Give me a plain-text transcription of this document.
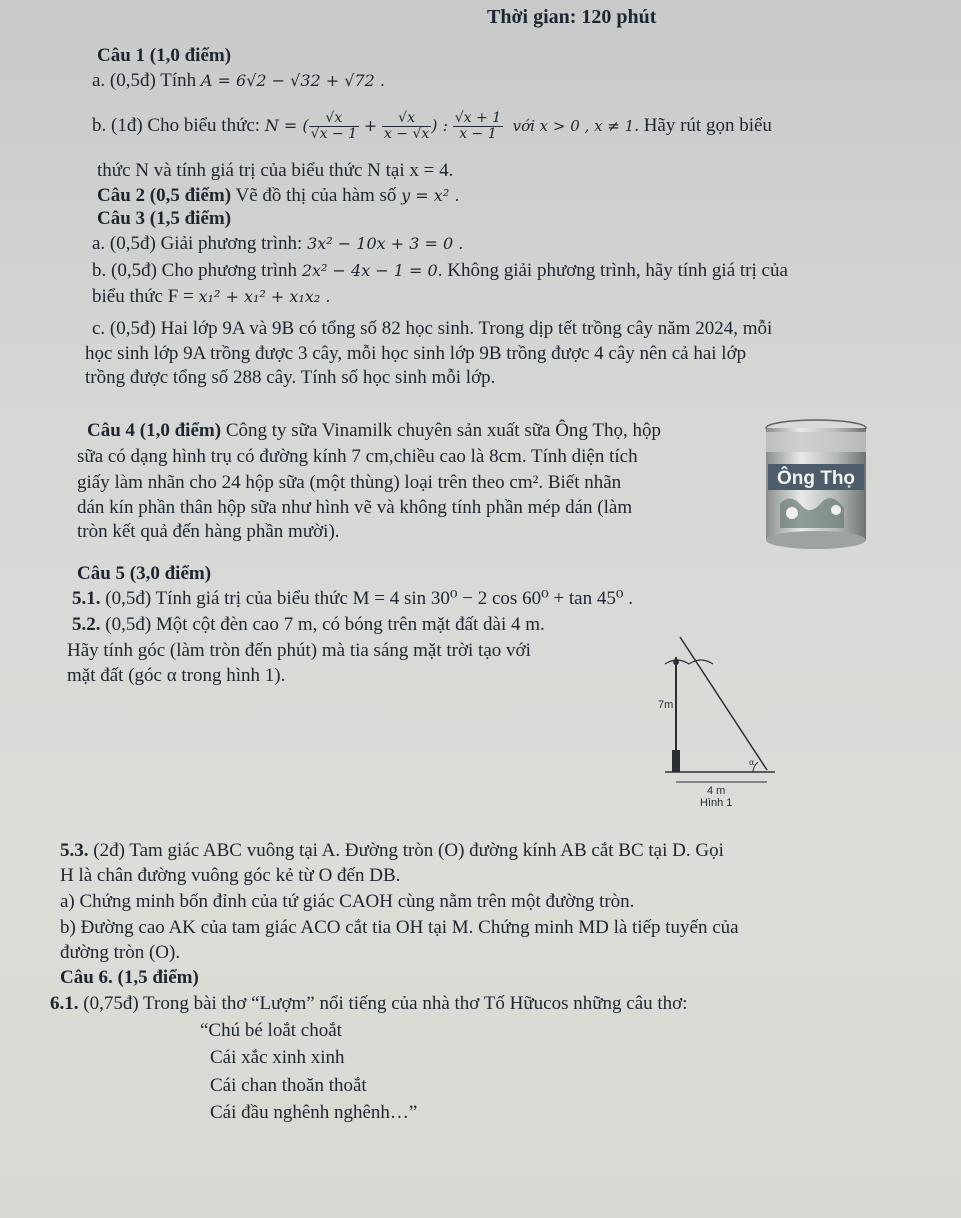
Thời gian: 120 phút
Câu 1 (1,0 điểm)
a. (0,5đ) Tính A = 6√2 − √32 + √72 .
b. (1đ) Cho biểu thức: N = ( $\frac{√x}{√x - 1} + \frac{√x}{x - √x}$ ) : $\frac{√x + 1}{x - 1}$ với x > 0 , x ≠ 1. Hãy rút gọn biểu
thức N và tính giá trị của biểu thức N tại x = 4.
Câu 2 (0,5 điểm) Vẽ đồ thị của hàm số y = x² .
Câu 3 (1,5 điểm)
a. (0,5đ) Giải phương trình: 3x² − 10x + 3 = 0 .
b. (0,5đ) Cho phương trình 2x² − 4x − 1 = 0. Không giải phương trình, hãy tính giá trị của
biểu thức F = x₁² + x₁² + x₁x₂ .
c. (0,5đ) Hai lớp 9A và 9B có tổng số 82 học sinh. Trong dịp tết trồng cây năm 2024, mỗi
học sinh lớp 9A trồng được 3 cây, mỗi học sinh lớp 9B trồng được 4 cây nên cả hai lớp
trồng được tổng số 288 cây. Tính số học sinh mỗi lớp.
Câu 4 (1,0 điểm) Công ty sữa Vinamilk chuyên sản xuất sữa Ông Thọ, hộp
sữa có dạng hình trụ có đường kính 7 cm,chiều cao là 8cm. Tính diện tích
giấy làm nhãn cho 24 hộp sữa (một thùng) loại trên theo cm². Biết nhãn
dán kín phần thân hộp sữa như hình vẽ và không tính phần mép dán (làm
tròn kết quả đến hàng phần mười).
Ông Thọ
Câu 5 (3,0 điểm)
5.1. (0,5đ) Tính giá trị của biểu thức M = 4 sin 30⁰ − 2 cos 60⁰ + tan 45⁰ .
5.2. (0,5đ) Một cột đèn cao 7 m, có bóng trên mặt đất dài 4 m.
Hãy tính góc (làm tròn đến phút) mà tia sáng mặt trời tạo với
mặt đất (góc α trong hình 1).
7m
4 m
α
Hình 1
5.3. (2đ) Tam giác ABC vuông tại A. Đường tròn (O) đường kính AB cắt BC tại D. Gọi
H là chân đường vuông góc kẻ từ O đến DB.
a) Chứng minh bốn đỉnh của tứ giác CAOH cùng nằm trên một đường tròn.
b) Đường cao AK của tam giác ACO cắt tia OH tại M. Chứng minh MD là tiếp tuyến của
đường tròn (O).
Câu 6. (1,5 điểm)
6.1. (0,75đ) Trong bài thơ “Lượm” nổi tiếng của nhà thơ Tố Hữucos những câu thơ:
“Chú bé loắt choắt
Cái xắc xinh xinh
Cái chan thoăn thoắt
Cái đầu nghênh nghênh…”
